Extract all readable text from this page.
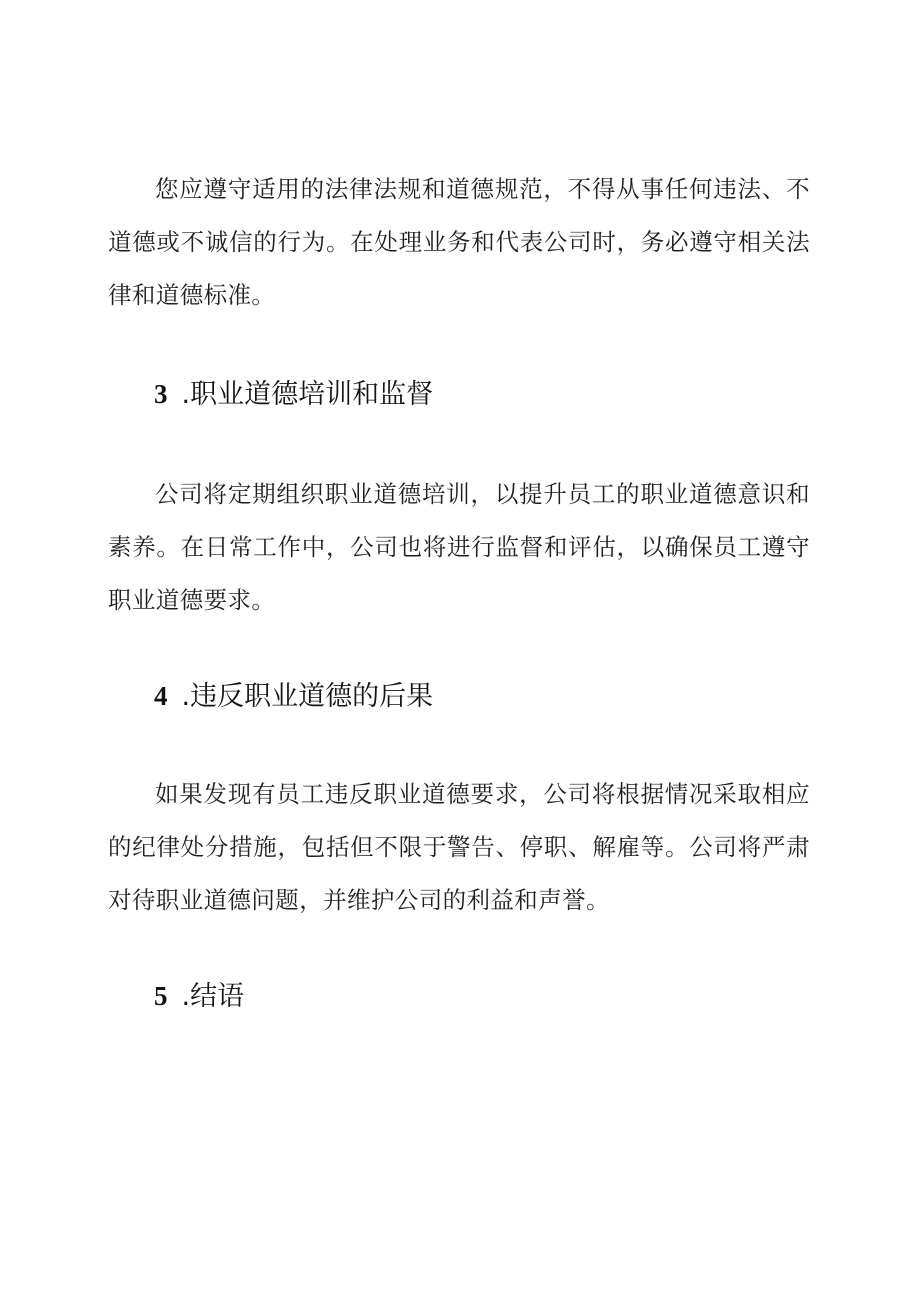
您应遵守适用的法律法规和道德规范，不得从事任何违法、不道德或不诚信的行为。在处理业务和代表公司时，务必遵守相关法律和道德标准。

3 .职业道德培训和监督

公司将定期组织职业道德培训，以提升员工的职业道德意识和素养。在日常工作中，公司也将进行监督和评估，以确保员工遵守职业道德要求。

4 .违反职业道德的后果

如果发现有员工违反职业道德要求，公司将根据情况采取相应的纪律处分措施，包括但不限于警告、停职、解雇等。公司将严肃对待职业道德问题，并维护公司的利益和声誉。

5 .结语
